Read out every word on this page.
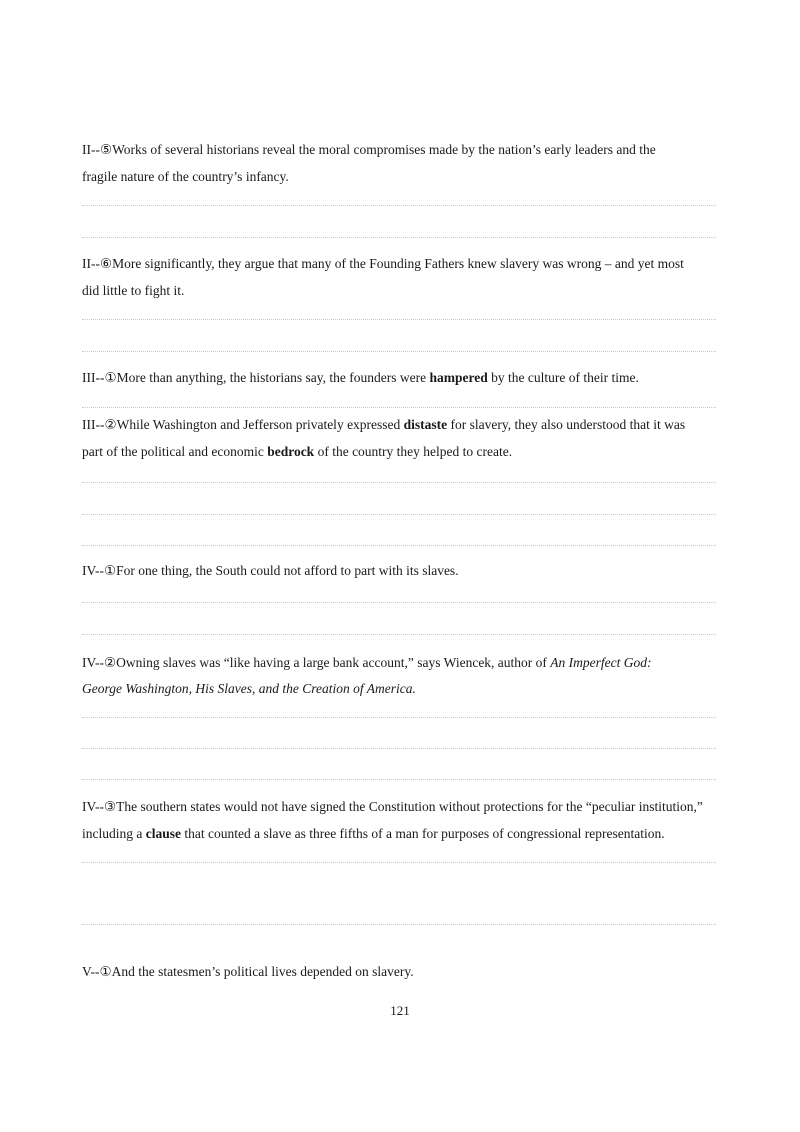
II--⑤Works of several historians reveal the moral compromises made by the nation’s early leaders and the
fragile nature of the country’s infancy.
II--⑥More significantly, they argue that many of the Founding Fathers knew slavery was wrong – and yet most
did little to fight it.
III--①More than anything, the historians say, the founders were hampered by the culture of their time.
III--②While Washington and Jefferson privately expressed distaste for slavery, they also understood that it was
part of the political and economic bedrock of the country they helped to create.
IV--①For one thing, the South could not afford to part with its slaves.
IV--②Owning slaves was “like having a large bank account,” says Wiencek, author of An Imperfect God:
George Washington, His Slaves, and the Creation of America.
IV--③The southern states would not have signed the Constitution without protections for the “peculiar institution,”
including a clause that counted a slave as three fifths of a man for purposes of congressional representation.
V--①And the statesmen’s political lives depended on slavery.
121
